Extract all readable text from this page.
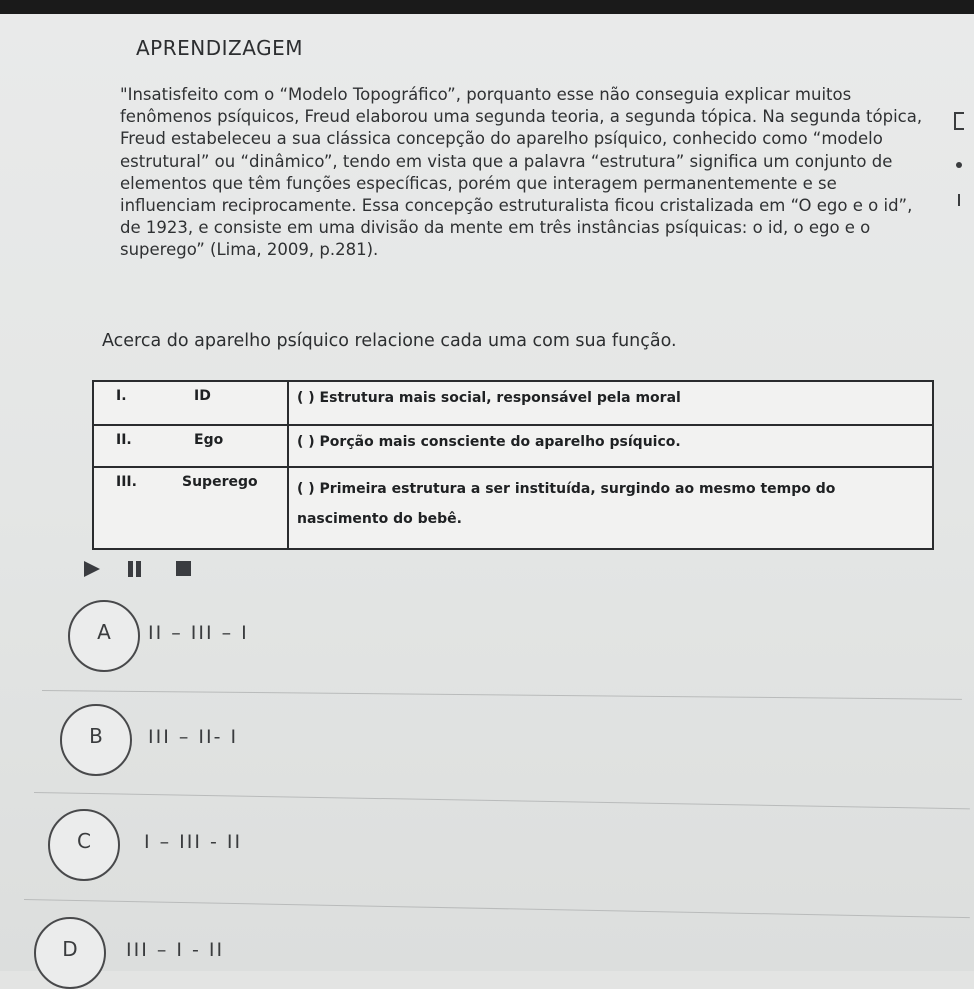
APRENDIZAGEM
"Insatisfeito com o “Modelo Topográfico”, porquanto esse não conseguia explicar muitos fenômenos psíquicos, Freud elaborou uma segunda teoria, a segunda tópica. Na segunda tópica, Freud estabeleceu a sua clássica concepção do aparelho psíquico, conhecido como “modelo estrutural” ou “dinâmico”, tendo em vista que a palavra “estrutura” significa um conjunto de elementos que têm funções específicas, porém que interagem permanentemente e se influenciam reciprocamente. Essa concepção estruturalista ficou cristalizada em “O ego e o id”, de 1923, e consiste em uma divisão da mente em três instâncias psíquicas: o id, o ego e o superego” (Lima, 2009, p.281).
Acerca do aparelho psíquico relacione cada uma com sua função.
I. ID	( ) Estrutura mais social, responsável pela moral

II. Ego	( ) Porção mais consciente do aparelho psíquico.

III. Superego	( ) Primeira estrutura a ser instituída, surgindo ao mesmo tempo do nascimento do bebê.
A	II – III – I
B	III – II- I
C	I – III - II
D	III – I - II
